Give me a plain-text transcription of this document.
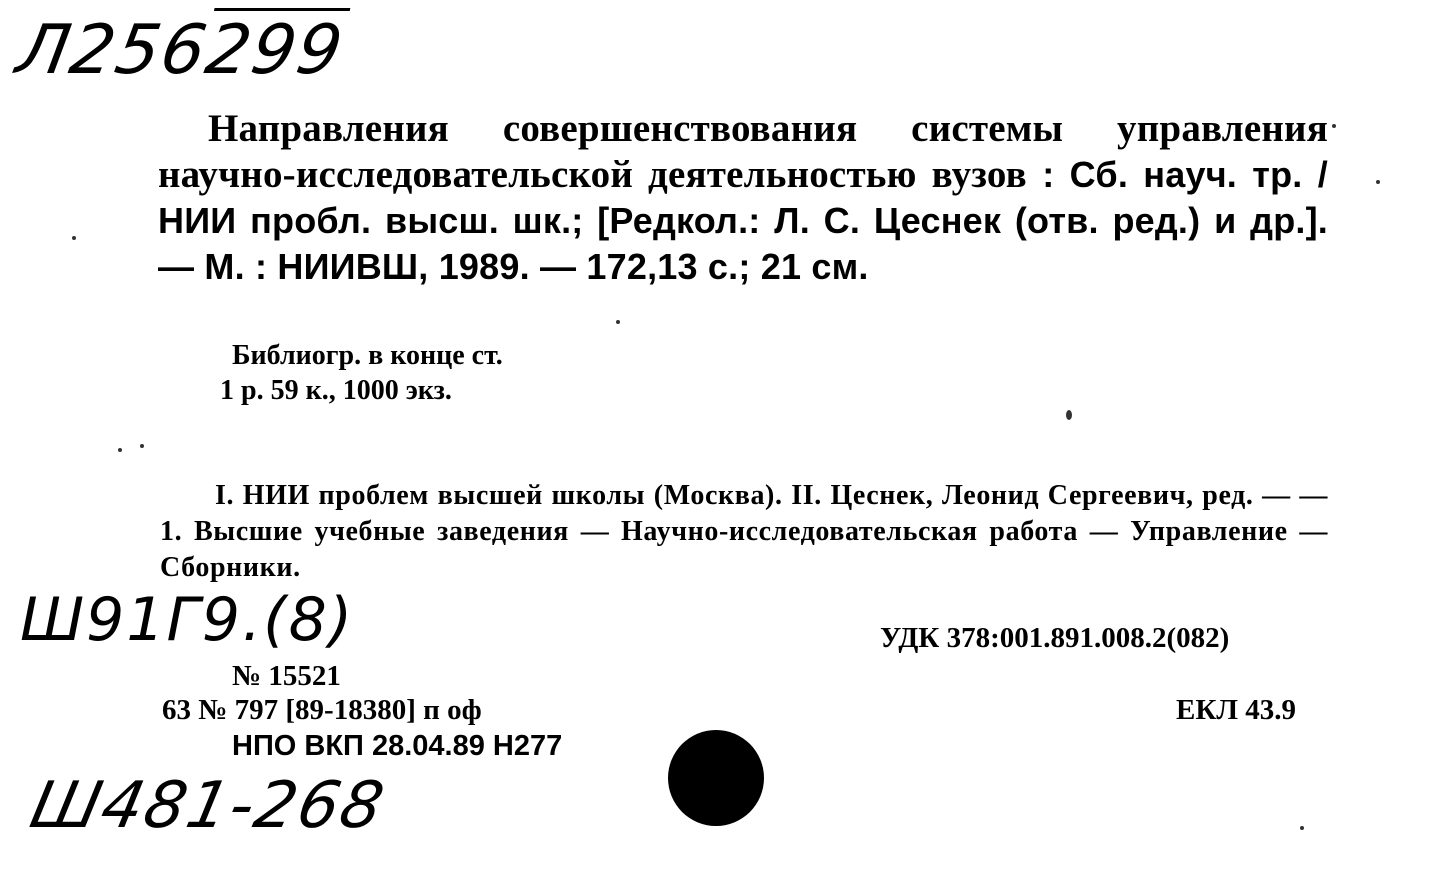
Л256299
Направления совершенствования системы управления научно-исследовательской деятельностью вузов : Сб. науч. тр. / НИИ пробл. высш. шк.; [Редкол.: Л. С. Цеснек (отв. ред.) и др.]. — М. : НИИВШ, 1989. — 172,13 с.; 21 см.
Библиогр. в конце ст.
1 р. 59 к., 1000 экз.
I. НИИ проблем высшей школы (Москва). II. Цеснек, Леонид Сергеевич, ред. — — 1. Высшие учебные заведения — Научно-исследовательская работа — Управление — Сборники.
Ш91Г9.(8)	УДК 378:001.891.008.2(082)
№ 15521
63 № 797 [89-18380] п оф	ЕКЛ 43.9
НПО ВКП 28.04.89 Н277
Ш481-268
